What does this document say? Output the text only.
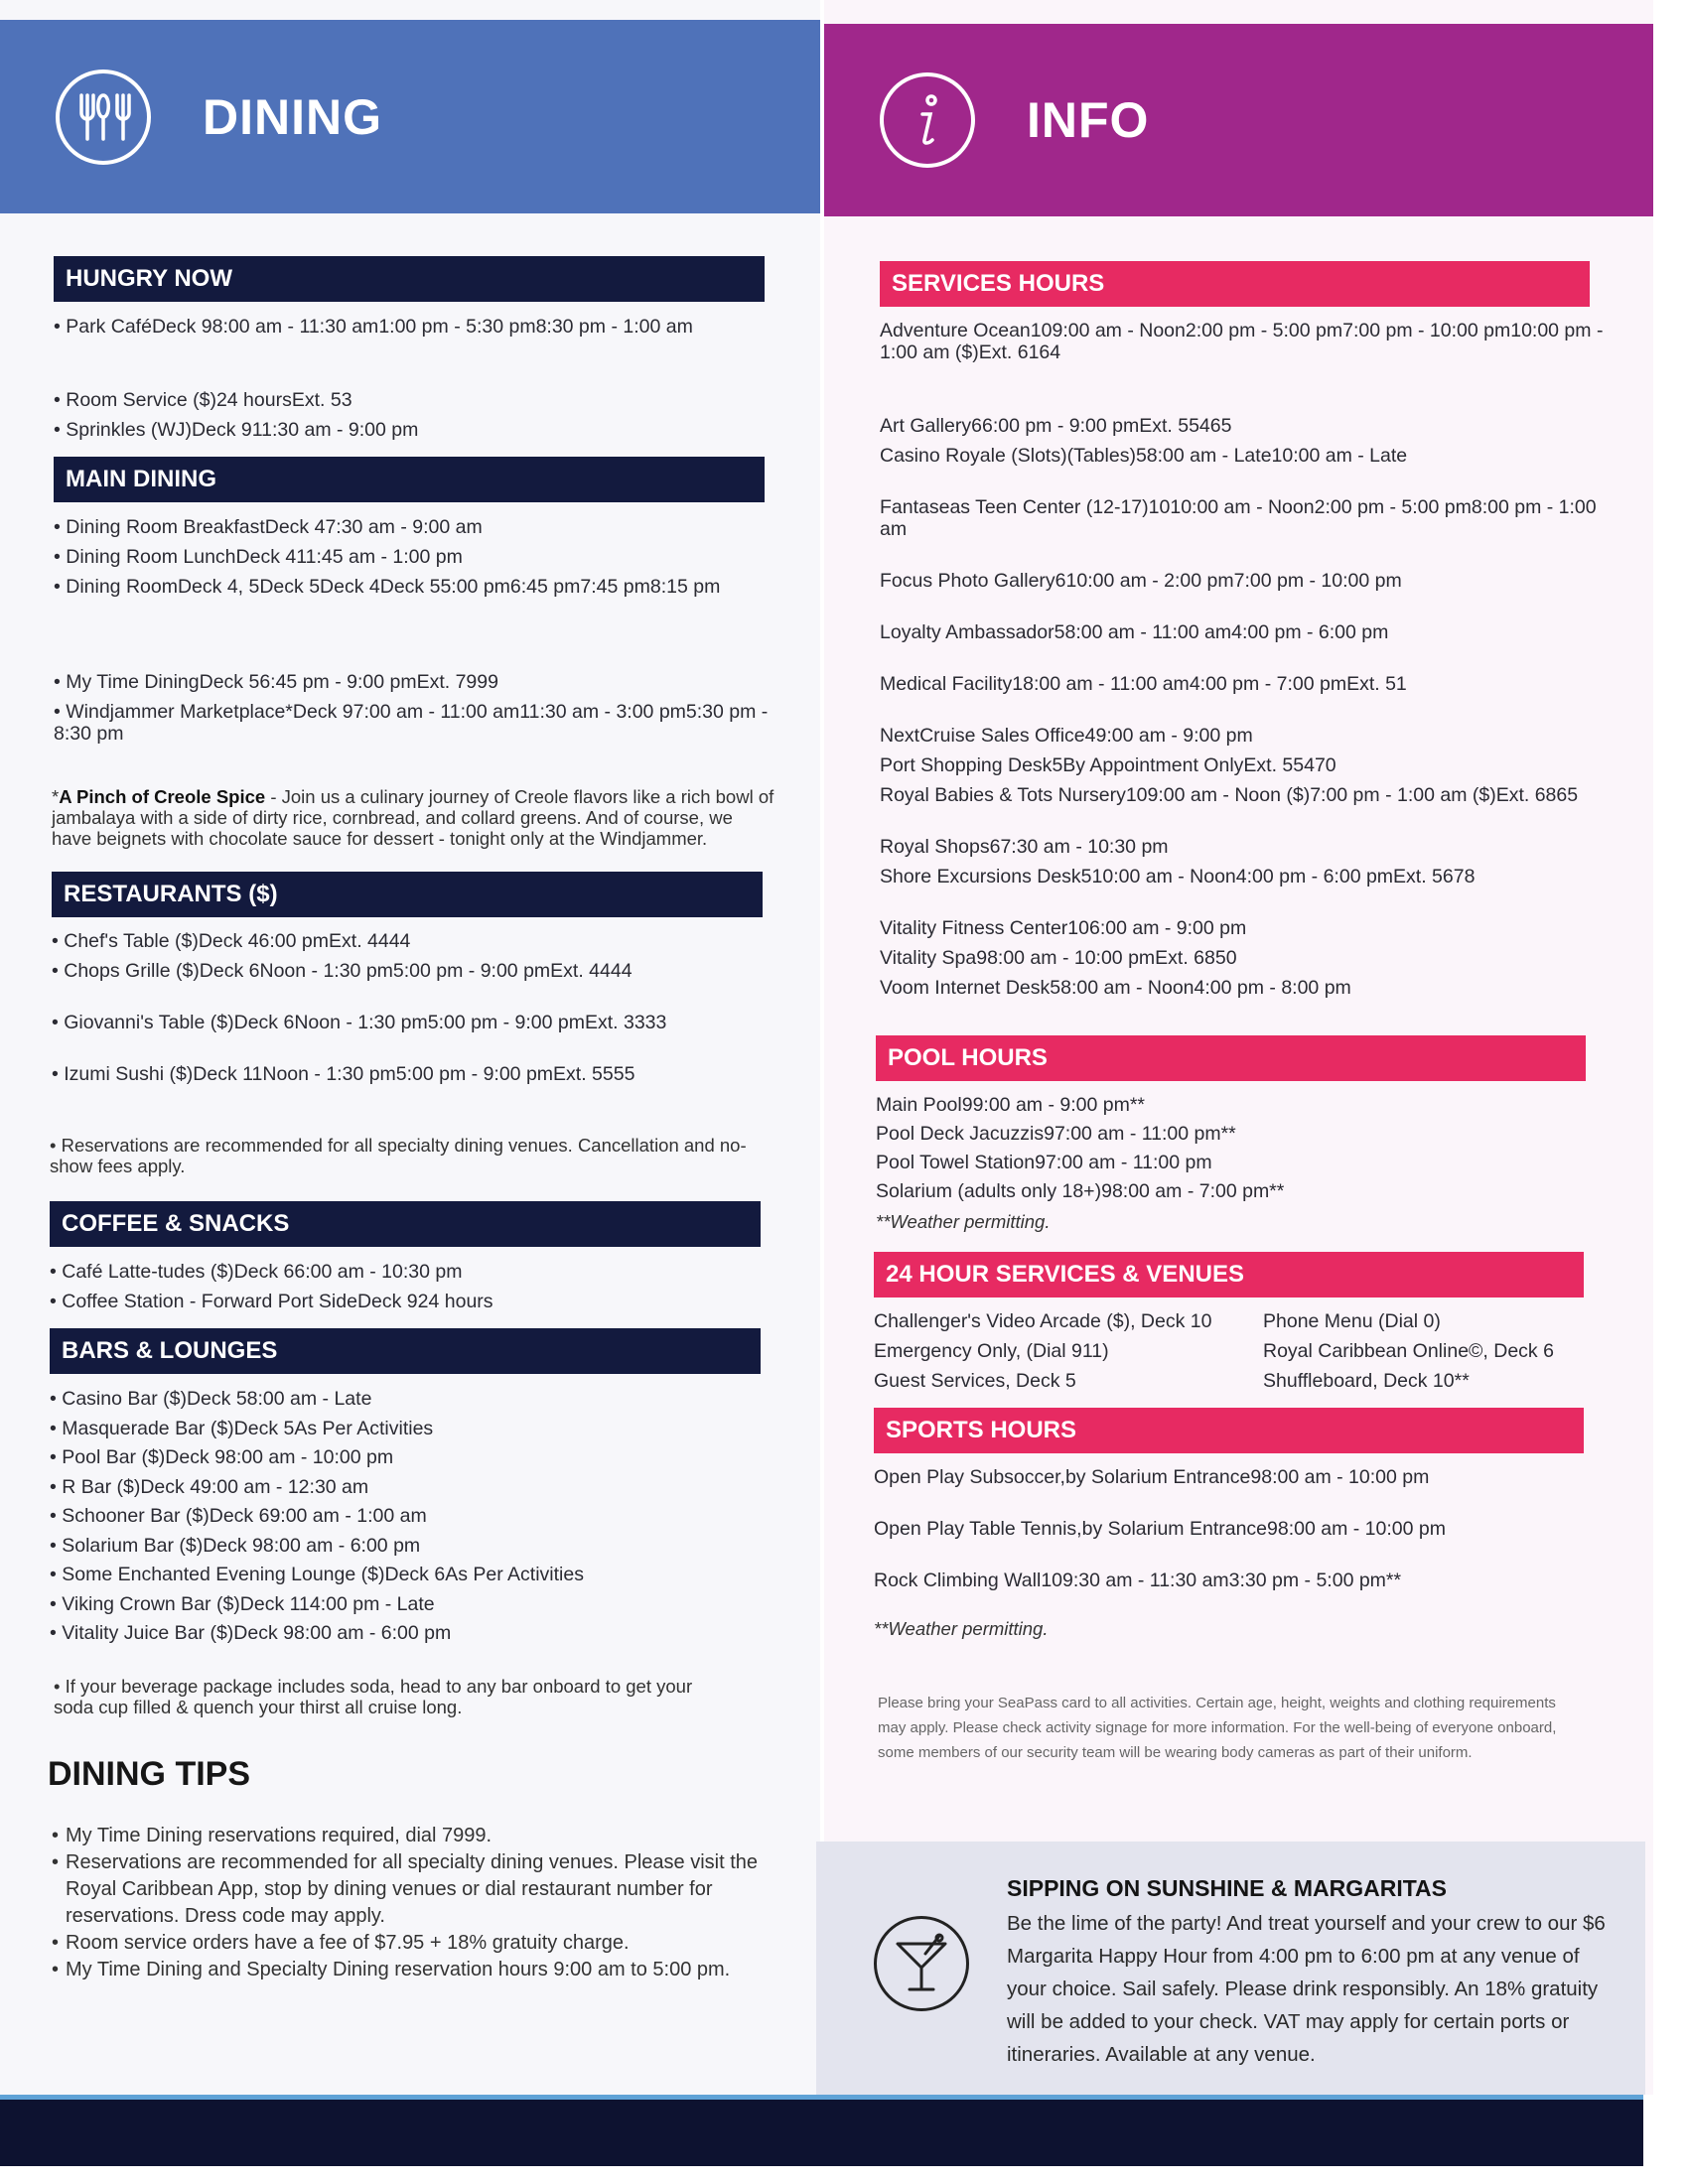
DINING
HUNGRY NOW
• Park CaféDeck 98:00 am - 11:30 am1:00 pm - 5:30 pm8:30 pm - 1:00 am
• Room Service ($)24 hoursExt. 53
• Sprinkles (WJ)Deck 911:30 am - 9:00 pm
MAIN DINING
• Dining Room BreakfastDeck 47:30 am - 9:00 am
• Dining Room LunchDeck 411:45 am - 1:00 pm
• Dining RoomDeck 4, 5Deck 5Deck 4Deck 55:00 pm6:45 pm7:45 pm8:15 pm
• My Time DiningDeck 56:45 pm - 9:00 pmExt. 7999
• Windjammer Marketplace*Deck 97:00 am - 11:00 am11:30 am - 3:00 pm5:30 pm - 8:30 pm
*A Pinch of Creole Spice - Join us a culinary journey of Creole flavors like a rich bowl of jambalaya with a side of dirty rice, cornbread, and collard greens. And of course, we have beignets with chocolate sauce for dessert - tonight only at the Windjammer.
RESTAURANTS ($)
• Chef's Table ($)Deck 46:00 pmExt. 4444
• Chops Grille ($)Deck 6Noon - 1:30 pm5:00 pm - 9:00 pmExt. 4444
• Giovanni's Table ($)Deck 6Noon - 1:30 pm5:00 pm - 9:00 pmExt. 3333
• Izumi Sushi ($)Deck 11Noon - 1:30 pm5:00 pm - 9:00 pmExt. 5555
• Reservations are recommended for all specialty dining venues. Cancellation and no-show fees apply.
COFFEE & SNACKS
• Café Latte-tudes ($)Deck 66:00 am - 10:30 pm
• Coffee Station - Forward Port SideDeck 924 hours
BARS & LOUNGES
• Casino Bar ($)Deck 58:00 am - Late
• Masquerade Bar ($)Deck 5As Per Activities
• Pool Bar ($)Deck 98:00 am - 10:00 pm
• R Bar ($)Deck 49:00 am - 12:30 am
• Schooner Bar ($)Deck 69:00 am - 1:00 am
• Solarium Bar ($)Deck 98:00 am - 6:00 pm
• Some Enchanted Evening Lounge ($)Deck 6As Per Activities
• Viking Crown Bar ($)Deck 114:00 pm - Late
• Vitality Juice Bar ($)Deck 98:00 am - 6:00 pm
• If your beverage package includes soda, head to any bar onboard to get your soda cup filled & quench your thirst all cruise long.
DINING TIPS
• My Time Dining reservations required, dial 7999.
• Reservations are recommended for all specialty dining venues. Please visit the Royal Caribbean App, stop by dining venues or dial restaurant number for reservations. Dress code may apply.
• Room service orders have a fee of $7.95 + 18% gratuity charge.
• My Time Dining and Specialty Dining reservation hours 9:00 am to 5:00 pm.
INFO
SERVICES HOURS
Adventure Ocean109:00 am - Noon2:00 pm - 5:00 pm7:00 pm - 10:00 pm10:00 pm - 1:00 am ($)Ext. 6164
Art Gallery66:00 pm - 9:00 pmExt. 55465
Casino Royale (Slots)(Tables)58:00 am - Late10:00 am - Late
Fantaseas Teen Center (12-17)1010:00 am - Noon2:00 pm - 5:00 pm8:00 pm - 1:00 am
Focus Photo Gallery610:00 am - 2:00 pm7:00 pm - 10:00 pm
Loyalty Ambassador58:00 am - 11:00 am4:00 pm - 6:00 pm
Medical Facility18:00 am - 11:00 am4:00 pm - 7:00 pmExt. 51
NextCruise Sales Office49:00 am - 9:00 pm
Port Shopping Desk5By Appointment OnlyExt. 55470
Royal Babies & Tots Nursery109:00 am - Noon ($)7:00 pm - 1:00 am ($)Ext. 6865
Royal Shops67:30 am - 10:30 pm
Shore Excursions Desk510:00 am - Noon4:00 pm - 6:00 pmExt. 5678
Vitality Fitness Center106:00 am - 9:00 pm
Vitality Spa98:00 am - 10:00 pmExt. 6850
Voom Internet Desk58:00 am - Noon4:00 pm - 8:00 pm
POOL HOURS
Main Pool99:00 am - 9:00 pm**
Pool Deck Jacuzzis97:00 am - 11:00 pm**
Pool Towel Station97:00 am - 11:00 pm
Solarium (adults only 18+)98:00 am - 7:00 pm**
**Weather permitting.
24 HOUR SERVICES & VENUES
Challenger's Video Arcade ($), Deck 10
Emergency Only, (Dial 911)
Guest Services, Deck 5
Phone Menu (Dial 0)
Royal Caribbean Online©, Deck 6
Shuffleboard, Deck 10**
SPORTS HOURS
Open Play Subsoccer,by Solarium Entrance98:00 am - 10:00 pm
Open Play Table Tennis,by Solarium Entrance98:00 am - 10:00 pm
Rock Climbing Wall109:30 am - 11:30 am3:30 pm - 5:00 pm**
**Weather permitting.
Please bring your SeaPass card to all activities. Certain age, height, weights and clothing requirements may apply. Please check activity signage for more information. For the well-being of everyone onboard, some members of our security team will be wearing body cameras as part of their uniform.
SIPPING ON SUNSHINE & MARGARITAS
Be the lime of the party! And treat yourself and your crew to our $6 Margarita Happy Hour from 4:00 pm to 6:00 pm at any venue of your choice. Sail safely. Please drink responsibly. An 18% gratuity will be added to your check. VAT may apply for certain ports or itineraries. Available at any venue.
